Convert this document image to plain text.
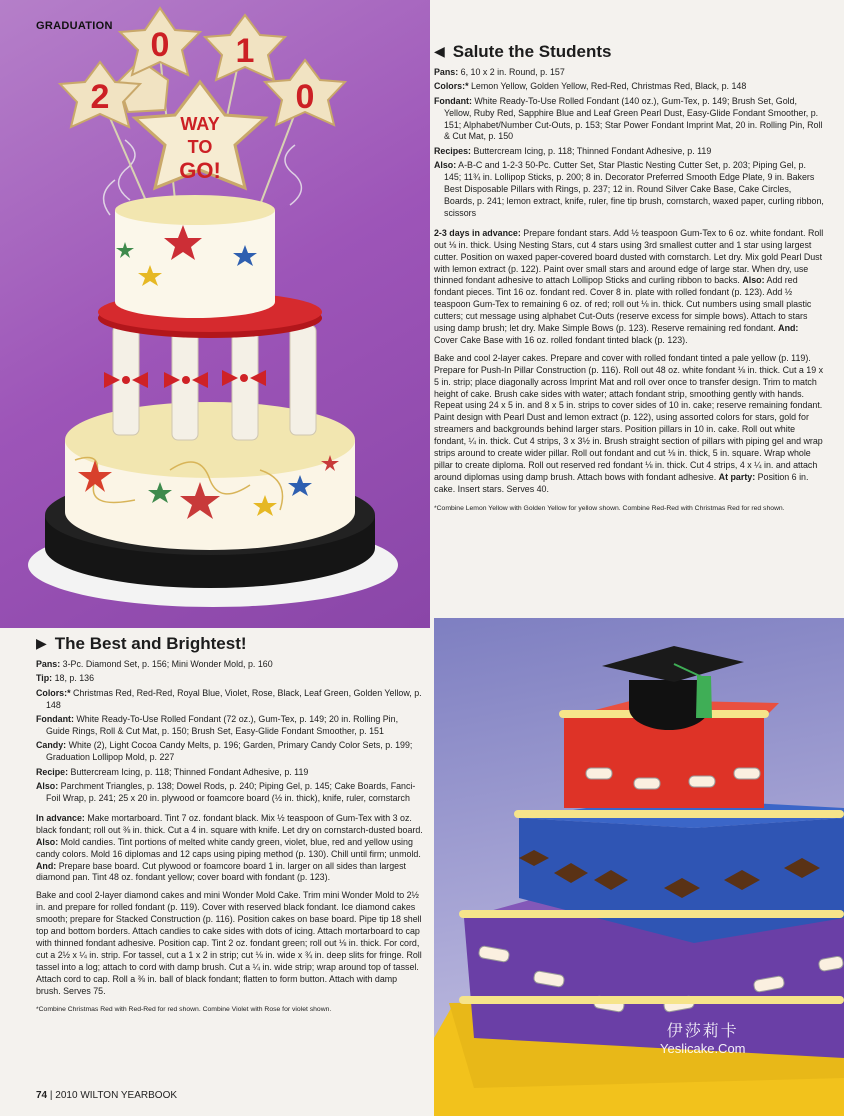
GRADUATION
2
0 1
0
WAY
TO
GO!
◀ Salute the Students

Pans: 6, 10 x 2 in. Round, p. 157

Colors:* Lemon Yellow, Golden Yellow, Red-Red, Christmas Red, Black, p. 148

Fondant: White Ready-To-Use Rolled Fondant (140 oz.), Gum-Tex, p. 149; Brush Set, Gold, Yellow, Ruby Red, Sapphire Blue and Leaf Green Pearl Dust, Easy-Glide Fondant Smoother, p. 151; Alphabet/Number Cut-Outs, p. 153; Star Power Fondant Imprint Mat, 20 in. Rolling Pin, Roll & Cut Mat, p. 150

Recipes: Buttercream Icing, p. 118; Thinned Fondant Adhesive, p. 119

Also: A-B-C and 1-2-3 50-Pc. Cutter Set, Star Plastic Nesting Cutter Set, p. 203; Piping Gel, p. 145; 11¾ in. Lollipop Sticks, p. 200; 8 in. Decorator Preferred Smooth Edge Plate, 9 in. Bakers Best Disposable Pillars with Rings, p. 237; 12 in. Round Silver Cake Base, Cake Circles, Boards, p. 241; lemon extract, knife, ruler, fine tip brush, cornstarch, waxed paper, curling ribbon, scissors

2-3 days in advance: Prepare fondant stars. Add ½ teaspoon Gum-Tex to 6 oz. white fondant. Roll out ⅛ in. thick. Using Nesting Stars, cut 4 stars using 3rd smallest cutter and 1 star using largest cutter. Position on waxed paper-covered board dusted with cornstarch. Let dry. Mix gold Pearl Dust with lemon extract (p. 122). Paint over small stars and around edge of large star. When dry, use thinned fondant adhesive to attach Lollipop Sticks and curling ribbon to backs. Also: Add red fondant pieces. Tint 16 oz. fondant red. Cover 8 in. plate with rolled fondant (p. 123). Add ½ teaspoon Gum-Tex to remaining 6 oz. of red; roll out ⅛ in. thick. Cut numbers using small plastic cutters; cut message using alphabet Cut-Outs (reserve excess for simple bows). Attach to stars using damp brush; let dry. Make Simple Bows (p. 123). Reserve remaining red fondant. And: Cover Cake Base with 16 oz. rolled fondant tinted black (p. 123).

Bake and cool 2-layer cakes. Prepare and cover with rolled fondant tinted a pale yellow (p. 119). Prepare for Push-In Pillar Construction (p. 116). Roll out 48 oz. white fondant ⅛ in. thick. Cut a 19 x 5 in. strip; place diagonally across Imprint Mat and roll over once to transfer design. Trim to match height of cake. Brush cake sides with water; attach fondant strip, smoothing gently with hands. Repeat using 24 x 5 in. and 8 x 5 in. strips to cover sides of 10 in. cake; reserve remaining fondant. Paint design with Pearl Dust and lemon extract (p. 122), using assorted colors for stars, gold for streamers and backgrounds behind larger stars. Position pillars in 10 in. cake. Roll out white fondant, ¼ in. thick. Cut 4 strips, 3 x 3½ in. Brush straight section of pillars with piping gel and wrap strips around to create wider pillar. Roll out fondant and cut ⅛ in. thick, 5 in. square. Wrap whole pillar to create diploma. Roll out reserved red fondant ⅛ in. thick. Cut 4 strips, 4 x ¼ in. and attach around diplomas using damp brush. Attach bows with fondant adhesive. At party: Position 6 in. cake. Insert stars. Serves 40.

*Combine Lemon Yellow with Golden Yellow for yellow shown. Combine Red-Red with Christmas Red for red shown.

▶ The Best and Brightest!

Pans: 3-Pc. Diamond Set, p. 156; Mini Wonder Mold, p. 160

Tip: 18, p. 136

Colors:* Christmas Red, Red-Red, Royal Blue, Violet, Rose, Black, Leaf Green, Golden Yellow, p. 148

Fondant: White Ready-To-Use Rolled Fondant (72 oz.), Gum-Tex, p. 149; 20 in. Rolling Pin, Guide Rings, Roll & Cut Mat, p. 150; Brush Set, Easy-Glide Fondant Smoother, p. 151

Candy: White (2), Light Cocoa Candy Melts, p. 196; Garden, Primary Candy Color Sets, p. 199; Graduation Lollipop Mold, p. 227

Recipe: Buttercream Icing, p. 118; Thinned Fondant Adhesive, p. 119

Also: Parchment Triangles, p. 138; Dowel Rods, p. 240; Piping Gel, p. 145; Cake Boards, Fanci-Foil Wrap, p. 241; 25 x 20 in. plywood or foamcore board (½ in. thick), knife, ruler, cornstarch

In advance: Make mortarboard. Tint 7 oz. fondant black. Mix ½ teaspoon of Gum-Tex with 3 oz. black fondant; roll out ⅜ in. thick. Cut a 4 in. square with knife. Let dry on cornstarch-dusted board. Also: Mold candies. Tint portions of melted white candy green, violet, blue, red and yellow using candy colors. Mold 16 diplomas and 12 caps using piping method (p. 130). Chill until firm; unmold. And: Prepare base board. Cut plywood or foamcore board 1 in. larger on all sides than largest diamond pan. Tint 48 oz. fondant yellow; cover board with fondant (p. 123).

Bake and cool 2-layer diamond cakes and mini Wonder Mold Cake. Trim mini Wonder Mold to 2½ in. and prepare for rolled fondant (p. 119). Cover with reserved black fondant. Ice diamond cakes smooth; prepare for Stacked Construction (p. 116). Position cakes on base board. Pipe tip 18 shell top and bottom borders. Attach candies to cake sides with dots of icing. Attach mortarboard to cap with thinned fondant adhesive. Position cap. Tint 2 oz. fondant green; roll out ⅛ in. thick. For cord, cut a 2½ x ¼ in. strip. For tassel, cut a 1 x 2 in strip; cut ⅛ in. wide x ¾ in. deep slits for fringe. Roll tassel into a log; attach to cord with damp brush. Cut a ¼ in. wide strip; wrap around top of tassel. Attach cord to cap. Roll a ⅜ in. ball of black fondant; flatten to form button. Attach with damp brush. Serves 75.

*Combine Christmas Red with Red-Red for red shown. Combine Violet with Rose for violet shown.

伊莎莉卡
Yeslicake.Com
74 | 2010 WILTON YEARBOOK
